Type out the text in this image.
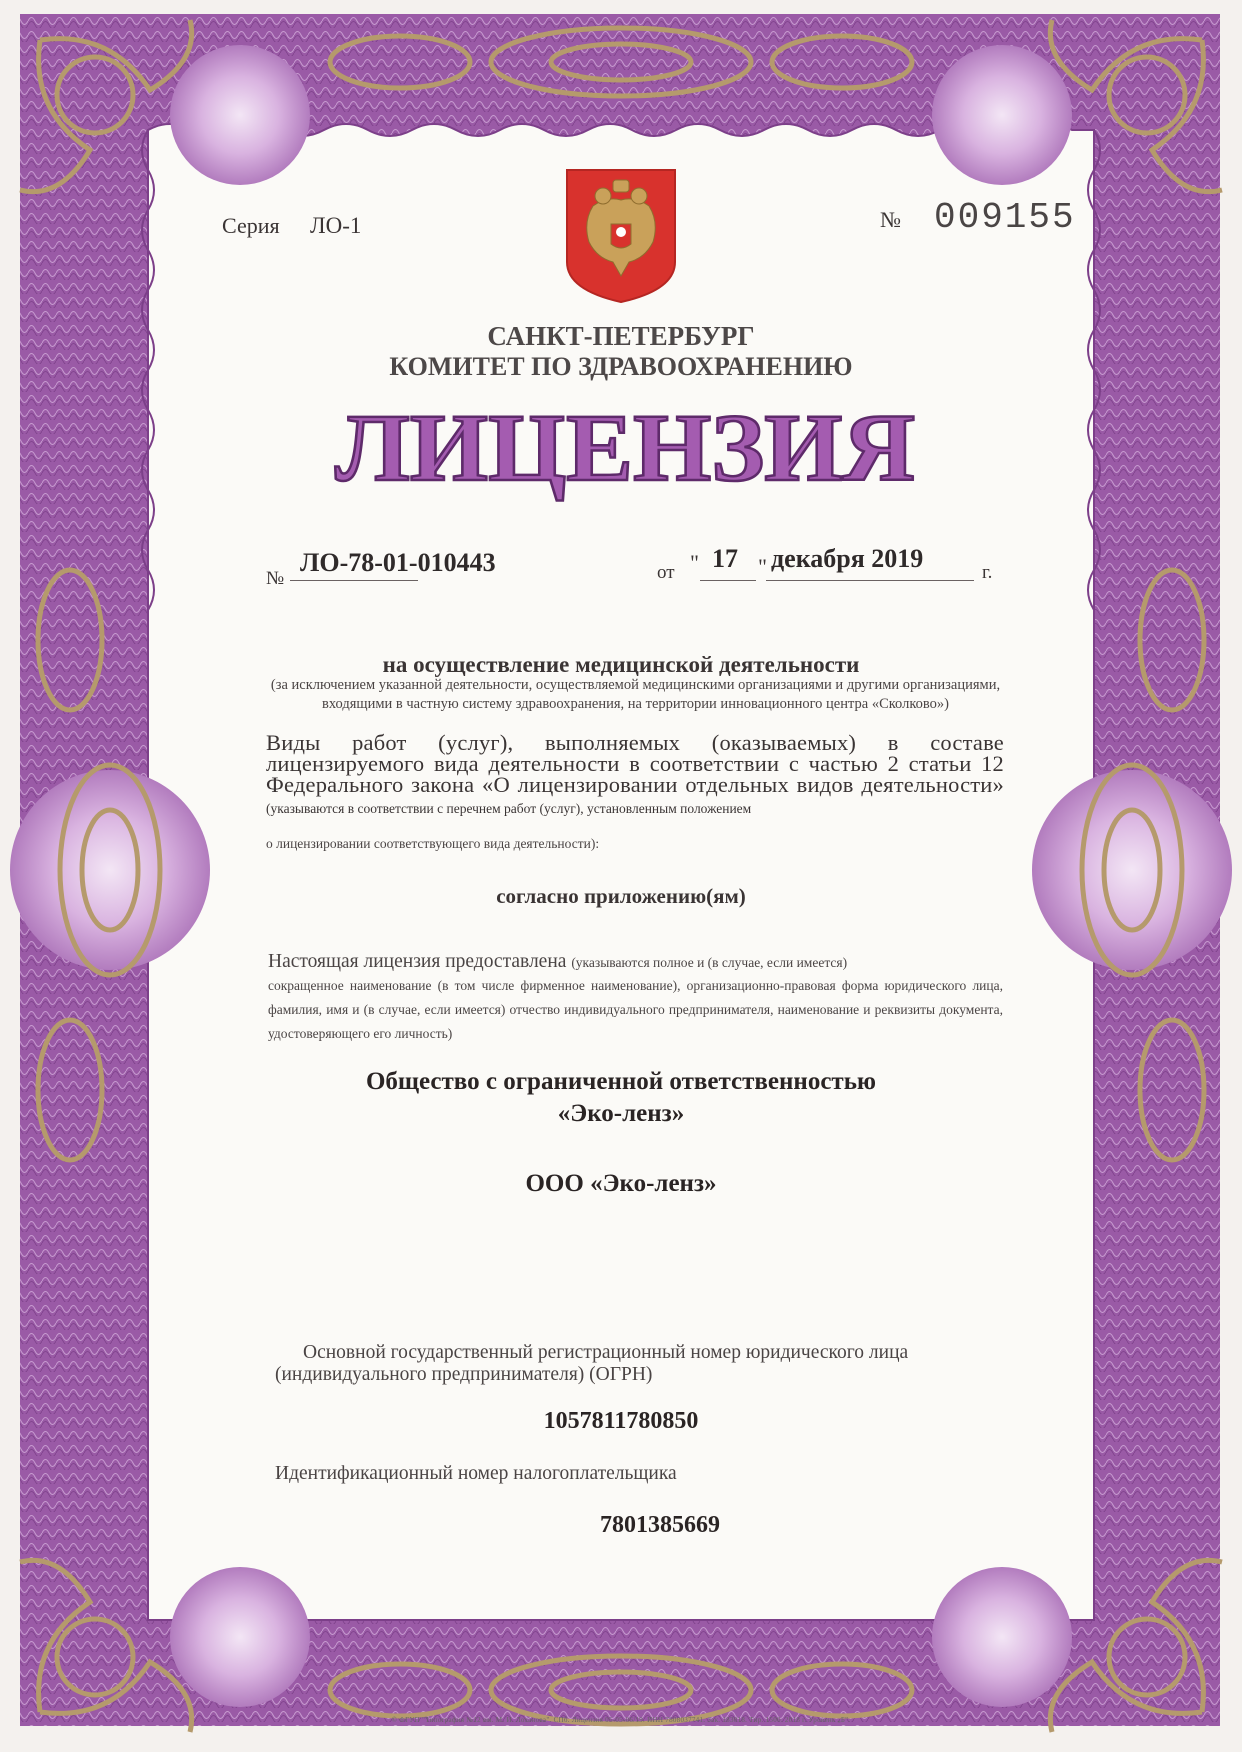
Серия ЛО-1	№ 009155
САНКТ-ПЕТЕРБУРГ
КОМИТЕТ ПО ЗДРАВООХРАНЕНИЮ
ЛИЦЕНЗИЯ
№
ЛО-78-01-010443	от " 17 " декабря 2019	г.
на осуществление медицинской деятельности
(за исключением указанной деятельности, осуществляемой медицинскими организациями и другими организациями, входящими в частную систему здравоохранения, на территории инновационного центра «Сколково»)
Виды работ (услуг), выполняемых (оказываемых) в составе лицензируемого вида деятельности в соответствии с частью 2 статьи 12 Федерального закона «О лицензировании отдельных видов деятельности» (указываются в соответствии с перечнем работ (услуг), установленным положением
о лицензировании соответствующего вида деятельности):
согласно приложению(ям)
Настоящая лицензия предоставлена (указываются полное и (в случае, если имеется)
сокращенное наименование (в том числе фирменное наименование), организационно-правовая форма юридического лица, фамилия, имя и (в случае, если имеется) отчество индивидуального предпринимателя, наименование и реквизиты документа, удостоверяющего его личность)
Общество с ограниченной ответственностью
«Эко-ленз»
ООО «Эко-ленз»
Основной государственный регистрационный номер юридического лица
(индивидуального предпринимателя) (ОГРН)
1057811780850
Идентификационный номер налогоплательщика
7801385669
© ФГУП "Типография №12 им. М. И. Лоханова". СПб. Лицензия 05-05-06/19. ИНН 7808037741. Зак. 183018. Тир. 1500. 2018 г. Уровень „Б".
